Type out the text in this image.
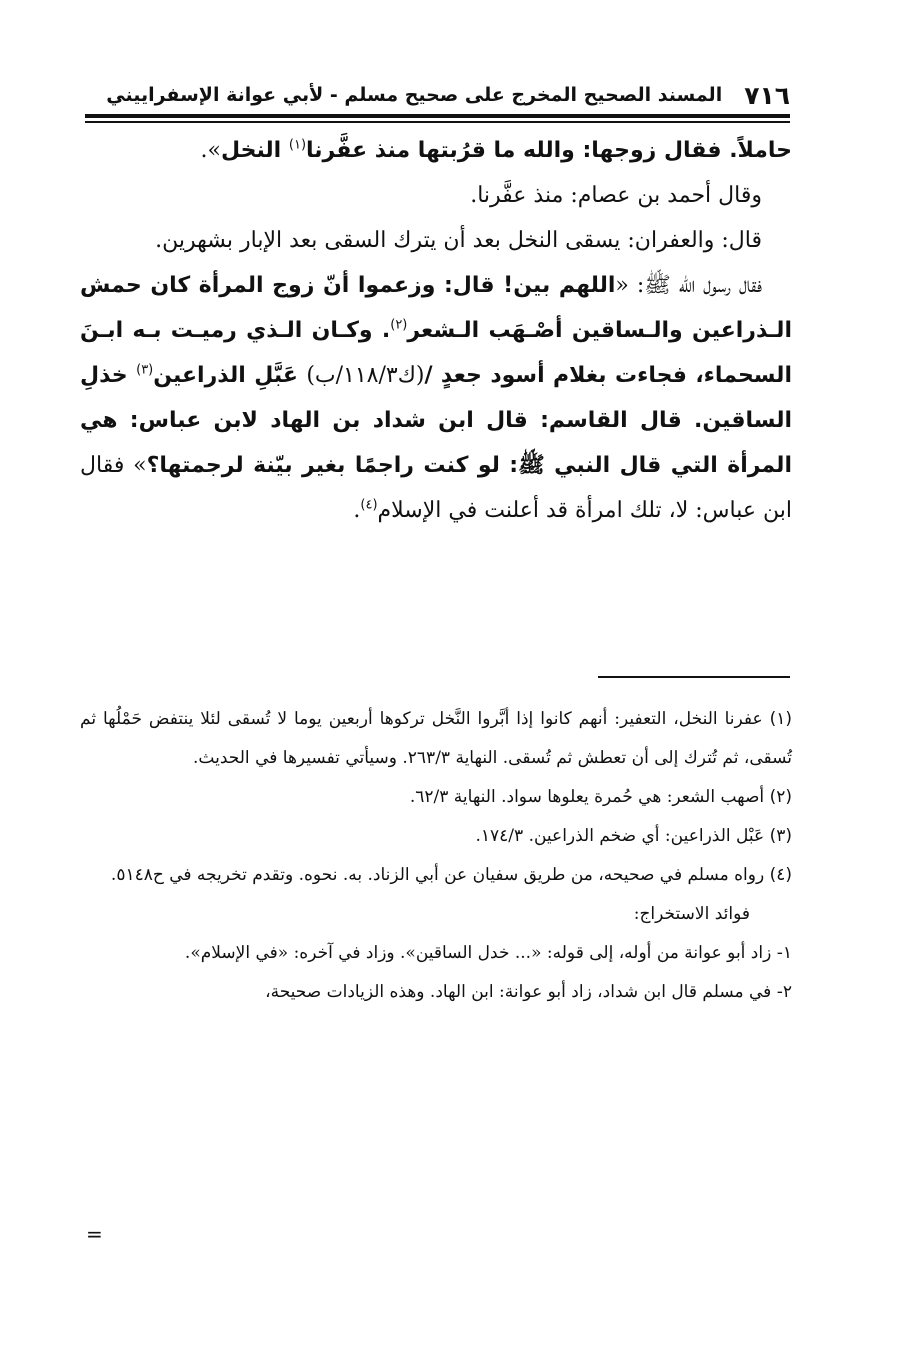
٧١٦
المسند الصحيح المخرج على صحيح مسلم - لأبي عوانة الإسفراييني

حاملاً. فقال زوجها: والله ما قرُبتها منذ عفَّرنا$^{(١)}$ النخل».

وقال أحمد بن عصام: منذ عفَّرنا.

قال: والعفران: يسقى النخل بعد أن يترك السقى بعد الإبار بشهرين.

فقال رسول الله ﷺ: «اللهم بين! قال: وزعموا أنّ زوج المرأة كان حمش الـذراعين والـساقين أصْـهَب الـشعر$^{(٢)}$. وكـان الـذي رميـت بـه ابـنَ السحماء، فجاءت بغلام أسود جعدٍ /(ك١١٨/٣/ب) عَبَّلِ الذراعين$^{(٣)}$ خذلِ الساقين. قال القاسم: قال ابن شداد بن الهاد لابن عباس: هي المرأة التي قال النبي ﷺ: لو كنت راجمًا بغير بيّنة لرجمتها؟» فقال ابن عباس: لا، تلك امرأة قد أعلنت في الإسلام$^{(٤)}$.

(١) عفرنا النخل، التعفير: أنهم كانوا إذا أبَّروا النَّخل تركوها أربعين يوما لا تُسقى لئلا ينتفض حَمْلُها ثم تُسقى، ثم تُترك إلى أن تعطش ثم تُسقى. النهاية ٢٦٣/٣. وسيأتي تفسيرها في الحديث.

(٢) أصهب الشعر: هي حُمرة يعلوها سواد. النهاية ٦٢/٣.

(٣) عَبْل الذراعين: أي ضخم الذراعين. ١٧٤/٣.

(٤) رواه مسلم في صحيحه، من طريق سفيان عن أبي الزناد. به. نحوه. وتقدم تخريجه في ح٥١٤٨.

فوائد الاستخراج:

١- زاد أبو عوانة من أوله، إلى قوله: «... خدل الساقين». وزاد في آخره: «في الإسلام».

٢- في مسلم قال ابن شداد، زاد أبو عوانة: ابن الهاد. وهذه الزيادات صحيحة،

=
